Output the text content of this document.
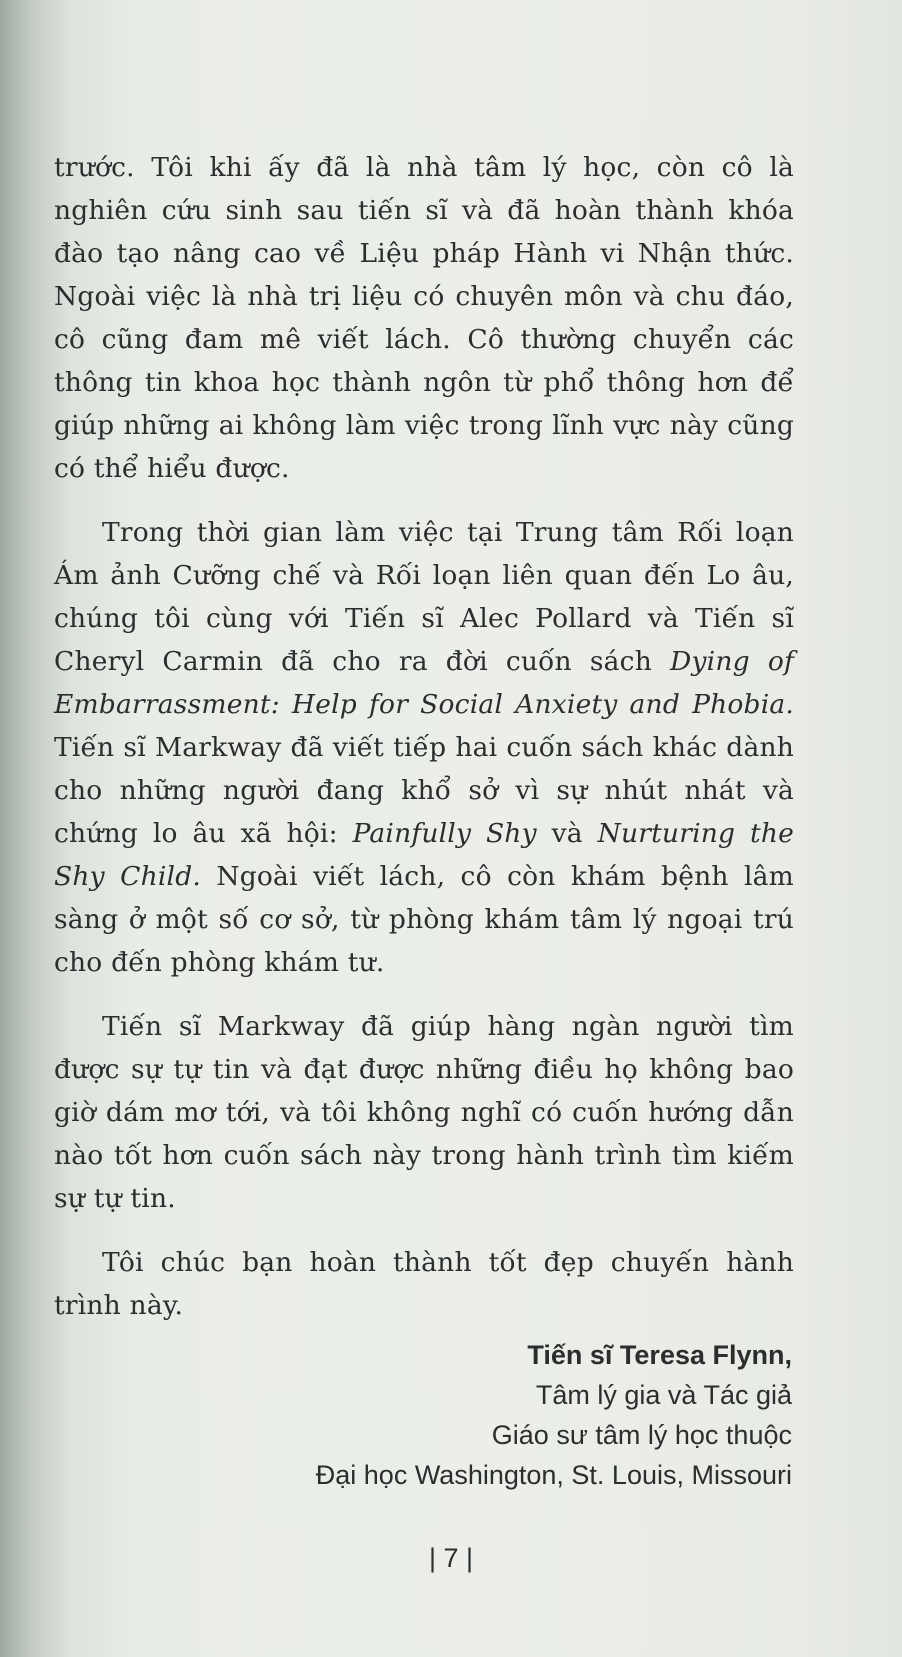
trước. Tôi khi ấy đã là nhà tâm lý học, còn cô là nghiên cứu sinh sau tiến sĩ và đã hoàn thành khóa đào tạo nâng cao về Liệu pháp Hành vi Nhận thức. Ngoài việc là nhà trị liệu có chuyên môn và chu đáo, cô cũng đam mê viết lách. Cô thường chuyển các thông tin khoa học thành ngôn từ phổ thông hơn để giúp những ai không làm việc trong lĩnh vực này cũng có thể hiểu được.

Trong thời gian làm việc tại Trung tâm Rối loạn Ám ảnh Cưỡng chế và Rối loạn liên quan đến Lo âu, chúng tôi cùng với Tiến sĩ Alec Pollard và Tiến sĩ Cheryl Carmin đã cho ra đời cuốn sách Dying of Embarrassment: Help for Social Anxiety and Phobia. Tiến sĩ Markway đã viết tiếp hai cuốn sách khác dành cho những người đang khổ sở vì sự nhút nhát và chứng lo âu xã hội: Painfully Shy và Nurturing the Shy Child. Ngoài viết lách, cô còn khám bệnh lâm sàng ở một số cơ sở, từ phòng khám tâm lý ngoại trú cho đến phòng khám tư.

Tiến sĩ Markway đã giúp hàng ngàn người tìm được sự tự tin và đạt được những điều họ không bao giờ dám mơ tới, và tôi không nghĩ có cuốn hướng dẫn nào tốt hơn cuốn sách này trong hành trình tìm kiếm sự tự tin.

Tôi chúc bạn hoàn thành tốt đẹp chuyến hành trình này.

Tiến sĩ Teresa Flynn,
Tâm lý gia và Tác giả
Giáo sư tâm lý học thuộc
Đại học Washington, St. Louis, Missouri
| 7 |
